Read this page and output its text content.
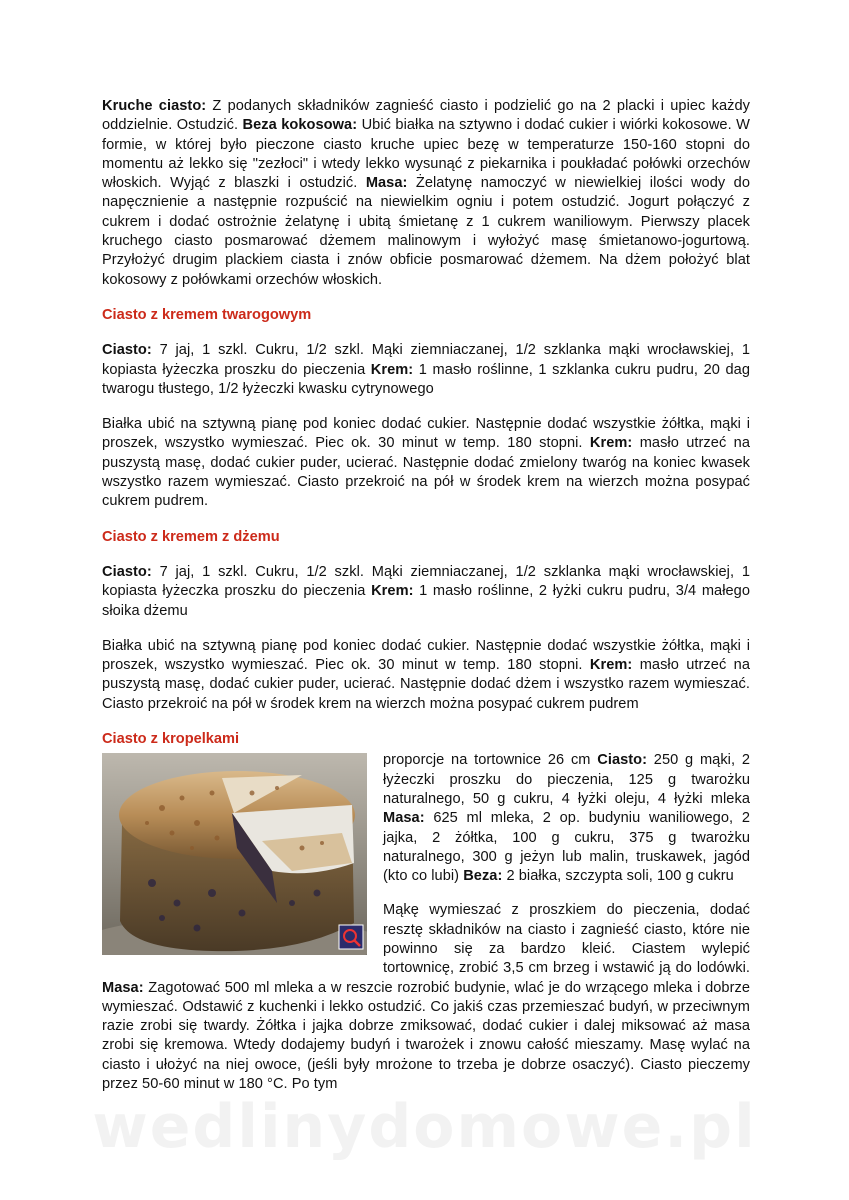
Kruche ciasto: Z podanych składników zagnieść ciasto i podzielić go na 2 placki i upiec każdy oddzielnie. Ostudzić. Beza kokosowa: Ubić białka na sztywno i dodać cukier i wiórki kokosowe. W formie, w której było pieczone ciasto kruche upiec bezę w temperaturze 150-160 stopni do momentu aż lekko się "zezłoci" i wtedy lekko wysunąć z piekarnika i poukładać połówki orzechów włoskich. Wyjąć z blaszki i ostudzić. Masa: Żelatynę namoczyć w niewielkiej ilości wody do napęcznienie a następnie rozpuścić na niewielkim ogniu i potem ostudzić. Jogurt połączyć z cukrem i dodać ostrożnie żelatynę i ubitą śmietanę z 1 cukrem waniliowym. Pierwszy placek kruchego ciasto posmarować dżemem malinowym i wyłożyć masę śmietanowo-jogurtową. Przyłożyć drugim plackiem ciasta i znów obficie posmarować dżemem. Na dżem położyć blat kokosowy z połówkami orzechów włoskich.

Ciasto z kremem twarogowym

Ciasto: 7 jaj, 1 szkl. Cukru, 1/2 szkl. Mąki ziemniaczanej, 1/2 szklanka mąki wrocławskiej, 1 kopiasta łyżeczka proszku do pieczenia Krem: 1 masło roślinne, 1 szklanka cukru pudru, 20 dag twarogu tłustego, 1/2 łyżeczki kwasku cytrynowego

Białka ubić na sztywną pianę pod koniec dodać cukier. Następnie dodać wszystkie żółtka, mąki i proszek, wszystko wymieszać. Piec ok. 30 minut w temp. 180 stopni. Krem: masło utrzeć na puszystą masę, dodać cukier puder, ucierać. Następnie dodać zmielony twaróg na koniec kwasek wszystko razem wymieszać. Ciasto przekroić na pół w środek krem na wierzch można posypać cukrem pudrem.

Ciasto z kremem z dżemu

Ciasto: 7 jaj, 1 szkl. Cukru, 1/2 szkl. Mąki ziemniaczanej, 1/2 szklanka mąki wrocławskiej, 1 kopiasta łyżeczka proszku do pieczenia Krem: 1 masło roślinne, 2 łyżki cukru pudru, 3/4 małego słoika dżemu

Białka ubić na sztywną pianę pod koniec dodać cukier. Następnie dodać wszystkie żółtka, mąki i proszek, wszystko wymieszać. Piec ok. 30 minut w temp. 180 stopni. Krem: masło utrzeć na puszystą masę, dodać cukier puder, ucierać. Następnie dodać dżem i wszystko razem wymieszać. Ciasto przekroić na pół w środek krem na wierzch można posypać cukrem pudrem

Ciasto z kropelkami

proporcje na tortownice 26 cm Ciasto: 250 g mąki, 2 łyżeczki proszku do pieczenia, 125 g twarożku naturalnego, 50 g cukru, 4 łyżki oleju, 4 łyżki mleka Masa: 625 ml mleka, 2 op. budyniu waniliowego, 2 jajka, 2 żółtka, 100 g cukru, 375 g twarożku naturalnego, 300 g jeżyn lub malin, truskawek, jagód (kto co lubi) Beza: 2 białka, szczypta soli, 100 g cukru

Mąkę wymieszać z proszkiem do pieczenia, dodać resztę składników na ciasto i zagnieść ciasto, które nie powinno się za bardzo kleić. Ciastem wylepić tortownicę, zrobić 3,5 cm brzeg i wstawić ją do lodówki. Masa: Zagotować 500 ml mleka a w reszcie rozrobić budynie, wlać je do wrzącego mleka i dobrze wymieszać. Odstawić z kuchenki i lekko ostudzić. Co jakiś czas przemieszać budyń, w przeciwnym razie zrobi się twardy. Żółtka i jajka dobrze zmiksować, dodać cukier i dalej miksować aż masa zrobi się kremowa. Wtedy dodajemy budyń i twarożek i znowu całość mieszamy. Masę wylać na ciasto i ułożyć na niej owoce, (jeśli były mrożone to trzeba je dobrze osaczyć). Ciasto pieczemy przez 50-60 minut w 180 °C. Po tym

wedlinydomowe.pl
